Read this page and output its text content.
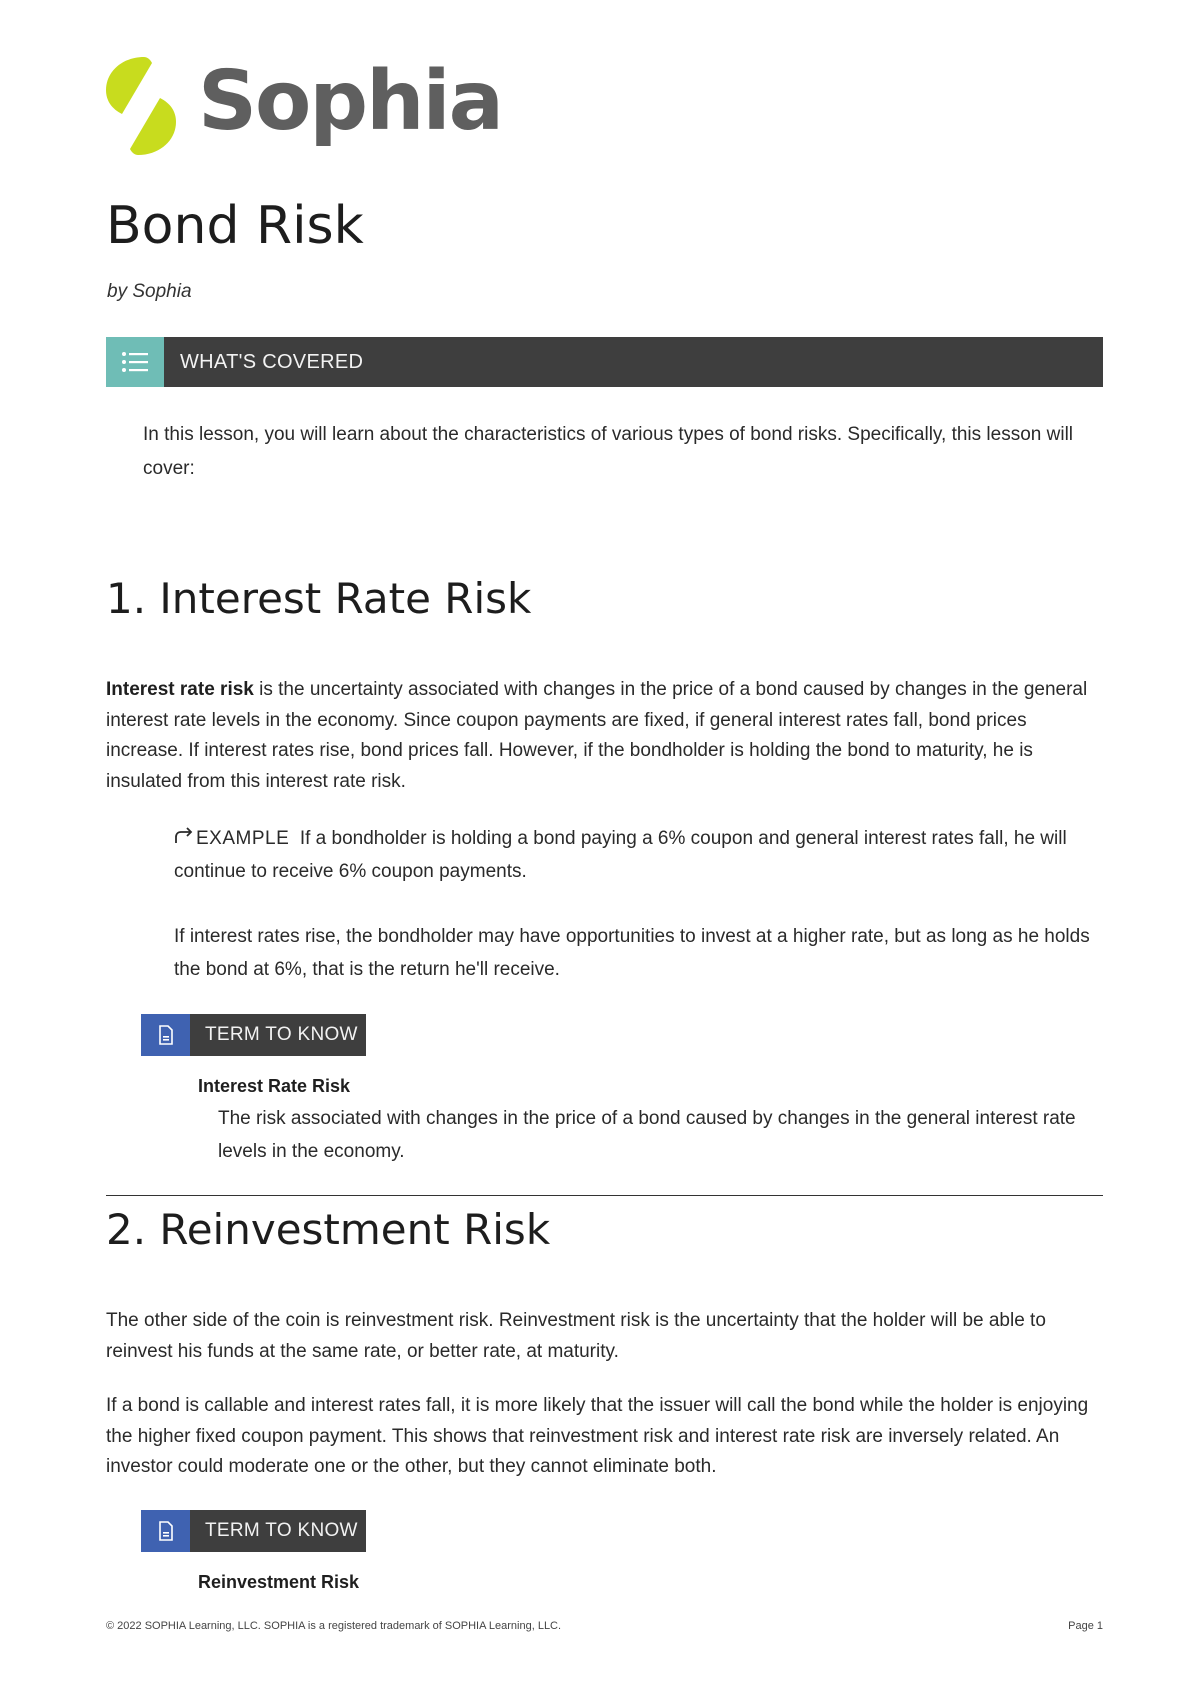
Sophia
Bond Risk
by Sophia
WHAT'S COVERED
In this lesson, you will learn about the characteristics of various types of bond risks. Specifically, this lesson will cover:
1. Interest Rate Risk

Interest rate risk is the uncertainty associated with changes in the price of a bond caused by changes in the general interest rate levels in the economy. Since coupon payments are fixed, if general interest rates fall, bond prices increase. If interest rates rise, bond prices fall. However, if the bondholder is holding the bond to maturity, he is insulated from this interest rate risk.

EXAMPLE If a bondholder is holding a bond paying a 6% coupon and general interest rates fall, he will continue to receive 6% coupon payments.

If interest rates rise, the bondholder may have opportunities to invest at a higher rate, but as long as he holds the bond at 6%, that is the return he'll receive.

TERM TO KNOW
Interest Rate Risk
The risk associated with changes in the price of a bond caused by changes in the general interest rate levels in the economy.
2. Reinvestment Risk

The other side of the coin is reinvestment risk. Reinvestment risk is the uncertainty that the holder will be able to reinvest his funds at the same rate, or better rate, at maturity.

If a bond is callable and interest rates fall, it is more likely that the issuer will call the bond while the holder is enjoying the higher fixed coupon payment. This shows that reinvestment risk and interest rate risk are inversely related. An investor could moderate one or the other, but they cannot eliminate both.

TERM TO KNOW
Reinvestment Risk
© 2022 SOPHIA Learning, LLC. SOPHIA is a registered trademark of SOPHIA Learning, LLC.	Page 1
